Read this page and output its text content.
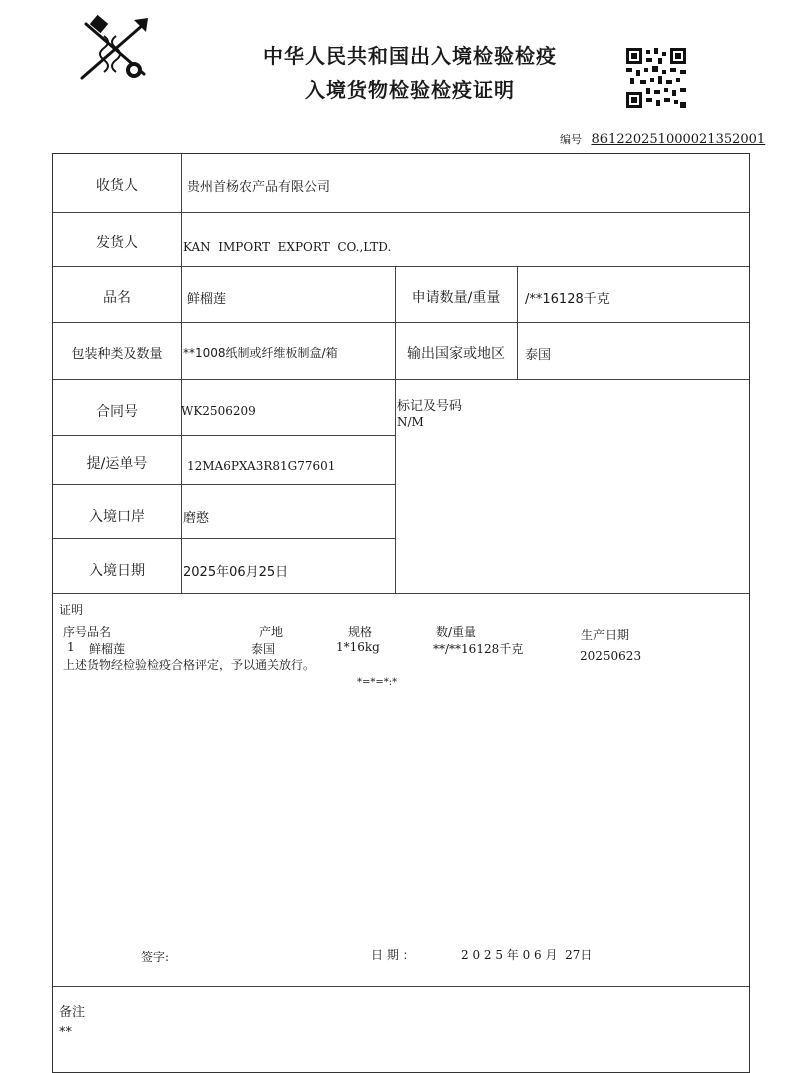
中华人民共和国出入境检验检疫
入境货物检验检疫证明
编号 861220251000021352001
收货人	贵州首杨农产品有限公司
发货人	KAN  IMPORT  EXPORT  CO.,LTD.
品名	鲜榴莲	申请数量/重量	/**16128千克
包装种类及数量	**1008纸制或纤维板制盒/箱	输出国家或地区	泰国
合同号	WK2506209	标记及号码
N/M
提/运单号	12MA6PXA3R81G77601
入境口岸	磨憨
入境日期	2025年06月25日
证明
序号品名	产地	规格	数/重量	生产日期
1 鲜榴莲	泰国	1*16kg	**/**16128千克	20250623
上述货物经检验检疫合格评定，予以通关放行。
*=*=*:*
签字:	日 期 ：	2 0 2 5 年 0 6 月  27日
备注
**
